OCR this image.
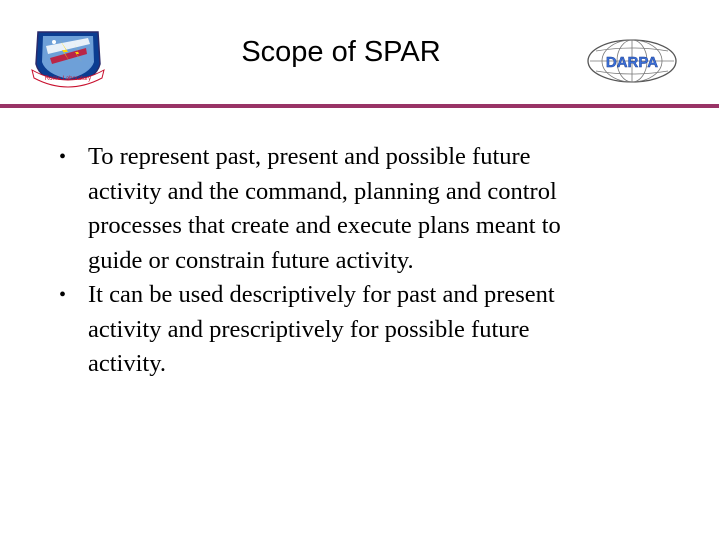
Rome Laboratory
Scope of SPAR	DARPA
• To represent past, present and possible future
activity and the command, planning and control
processes that create and execute plans meant to
guide or constrain future activity.
• It can be used descriptively for past and present
activity and prescriptively for possible future
activity.
